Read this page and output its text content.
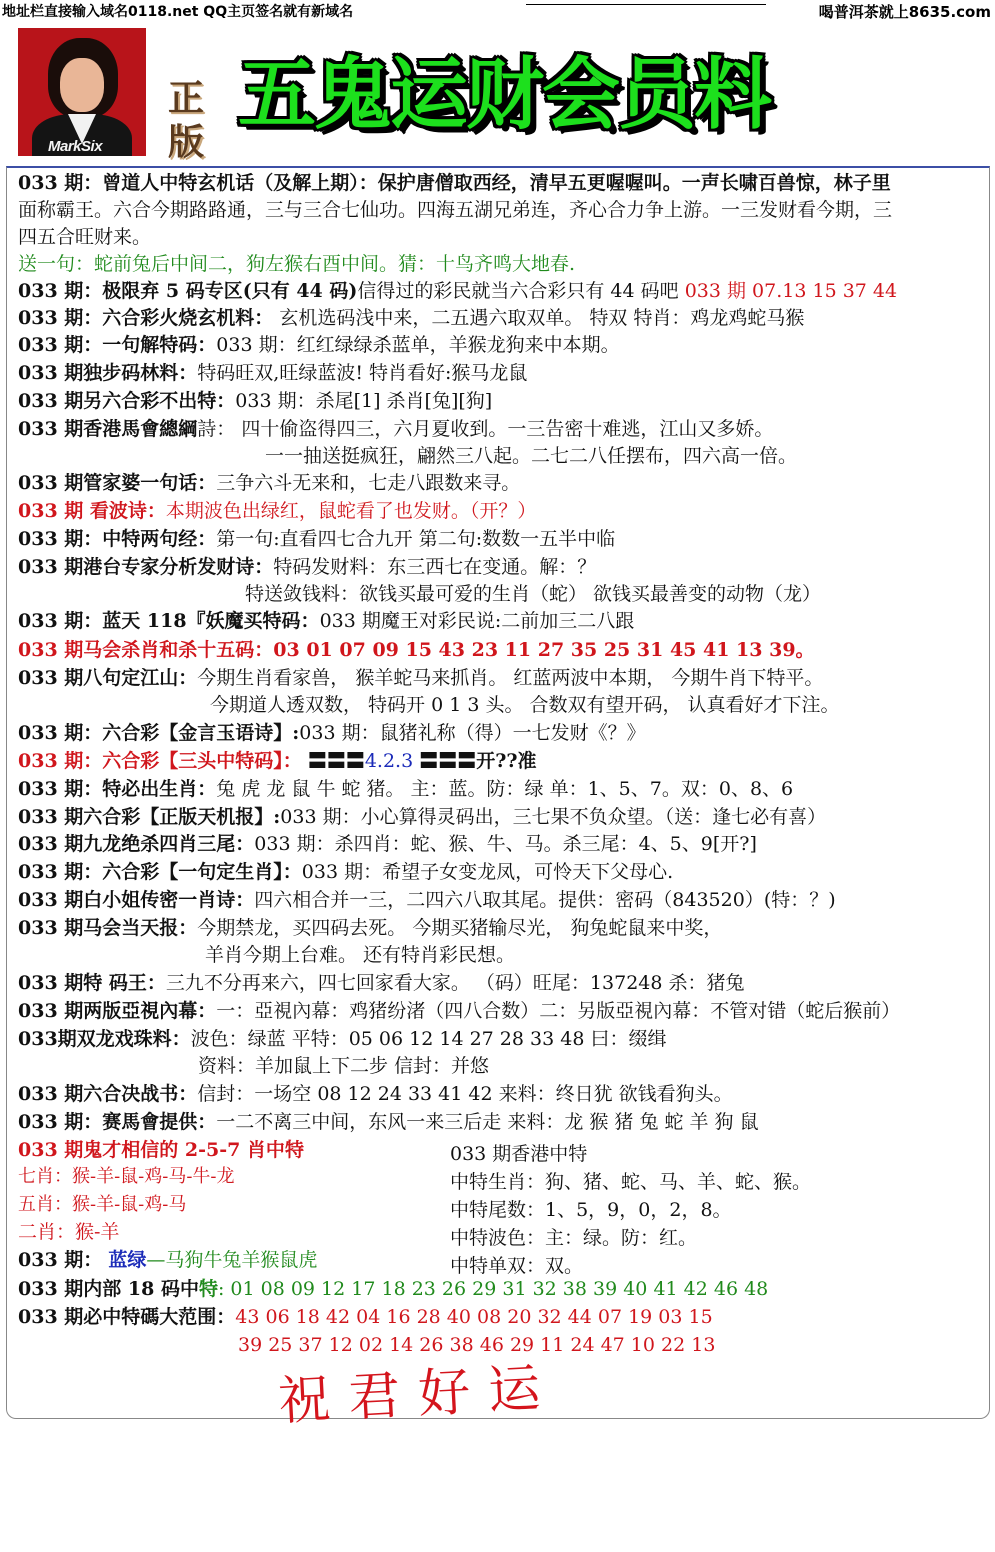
地址栏直接输入域名0118.net QQ主页签名就有新域名	喝普洱茶就上8635.com
MarkSix
正
版
五鬼运财会员料
033 期：曾道人中特玄机话（及解上期）：保护唐僧取西经，清早五更喔喔叫。一声长啸百兽惊，林子里
面称霸王。六合今期路路通，三与三合七仙功。四海五湖兄弟连，齐心合力争上游。一三发财看今期，三
四五合旺财来。
送一句：蛇前兔后中间二，狗左猴右酉中间。猜：十鸟齐鸣大地春.
033 期：极限弃 5 码专区(只有 44 码)信得过的彩民就当六合彩只有 44 码吧 033 期 07.13 15 37 44
033 期：六合彩火烧玄机料： 玄机选码浅中来，二五遇六取双单。 特双 特肖：鸡龙鸡蛇马猴
033 期：一句解特码：033 期：红红绿绿杀蓝单，羊猴龙狗来中本期。
033 期独步码林料：特码旺双,旺绿蓝波! 特肖看好:猴马龙鼠
033 期另六合彩不出特：033 期：杀尾[1] 杀肖[兔][狗]
033 期香港馬會總綱詩： 四十偷盗得四三，六月夏收到。一三告密十难逃，江山又多娇。
一一抽送挺疯狂，翩然三八起。二七二八任摆布，四六高一倍。
033 期管家婆一句话：三争六斗无来和，七走八跟数来寻。
033 期 看波诗：本期波色出绿红，鼠蛇看了也发财。（开？）
033 期：中特两句经：第一句:直看四七合九开 第二句:数数一五半中临
033 期港台专家分析发财诗：特码发财料：东三西七在变通。解：？
特送敛钱料：欲钱买最可爱的生肖（蛇） 欲钱买最善变的动物（龙）
033 期：蓝天 118『妖魔买特码：033 期魔王对彩民说:二前加三二八跟
033 期马会杀肖和杀十五码：03 01 07 09 15 43 23 11 27 35 25 31 45 41 13 39。
033 期八句定江山：今期生肖看家兽， 猴羊蛇马来抓肖。 红蓝两波中本期， 今期牛肖下特平。
今期道人透双数， 特码开 0 1 3 头。 合数双有望开码， 认真看好才下注。
033 期：六合彩【金言玉语诗】:033 期：鼠猪礼称（得）一七发财《？》
033 期：六合彩【三头中特码】： 〓〓〓4.2.3 〓〓〓开??准
033 期：特必出生肖：兔 虎 龙 鼠 牛 蛇 猪。 主：蓝。防：绿 单：1、5、7。双：0、8、6
033 期六合彩【正版天机报】:033 期：小心算得灵码出，三七果不负众望。（送：逢七必有喜）
033 期九龙绝杀四肖三尾：033 期：杀四肖：蛇、猴、牛、马。杀三尾：4、5、9[开?]
033 期：六合彩【一句定生肖】：033 期：希望子女变龙凤，可怜天下父母心.
033 期白小姐传密一肖诗：四六相合并一三，二四六八取其尾。提供：密码（843520）(特：？)
033 期马会当天报：今期禁龙，买四码去死。 今期买猪输尽光， 狗兔蛇鼠来中奖，
羊肖今期上台难。 还有特肖彩民想。
033 期特 码王：三九不分再来六，四七回家看大家。 （码）旺尾：137248 杀：猪兔
033 期两版亞視內幕：一：亞視內幕：鸡猪纷渚（四八合数）二：另版亞視內幕：不管对错（蛇后猴前）
033期双龙戏珠料：波色：绿蓝 平特：05 06 12 14 27 28 33 48 曰：缀缉
资料：羊加鼠上下二步 信封：并悠
033 期六合决战书：信封：一场空 08 12 24 33 41 42 来料：终日犹 欲钱看狗头。
033 期：赛馬會提供：一二不离三中间，东风一来三后走 来料：龙 猴 猪 兔 蛇 羊 狗 鼠
033 期鬼才相信的 2-5-7 肖中特
七肖：猴-羊-鼠-鸡-马-牛-龙
五肖：猴-羊-鼠-鸡-马
二肖：猴-羊
033 期： 蓝绿—马狗牛兔羊猴鼠虎
033 期香港中特
中特生肖：狗、猪、蛇、马、羊、蛇、猴。
中特尾数：1、5，9，0，2，8。
中特波色：主：绿。防：红。
中特单双：双。
033 期内部 18 码中特: 01 08 09 12 17 18 23 26 29 31 32 38 39 40 41 42 46 48
033 期必中特碼大范围：43 06 18 42 04 16 28 40 08 20 32 44 07 19 03 15
39 25 37 12 02 14 26 38 46 29 11 24 47 10 22 13
祝君好运
